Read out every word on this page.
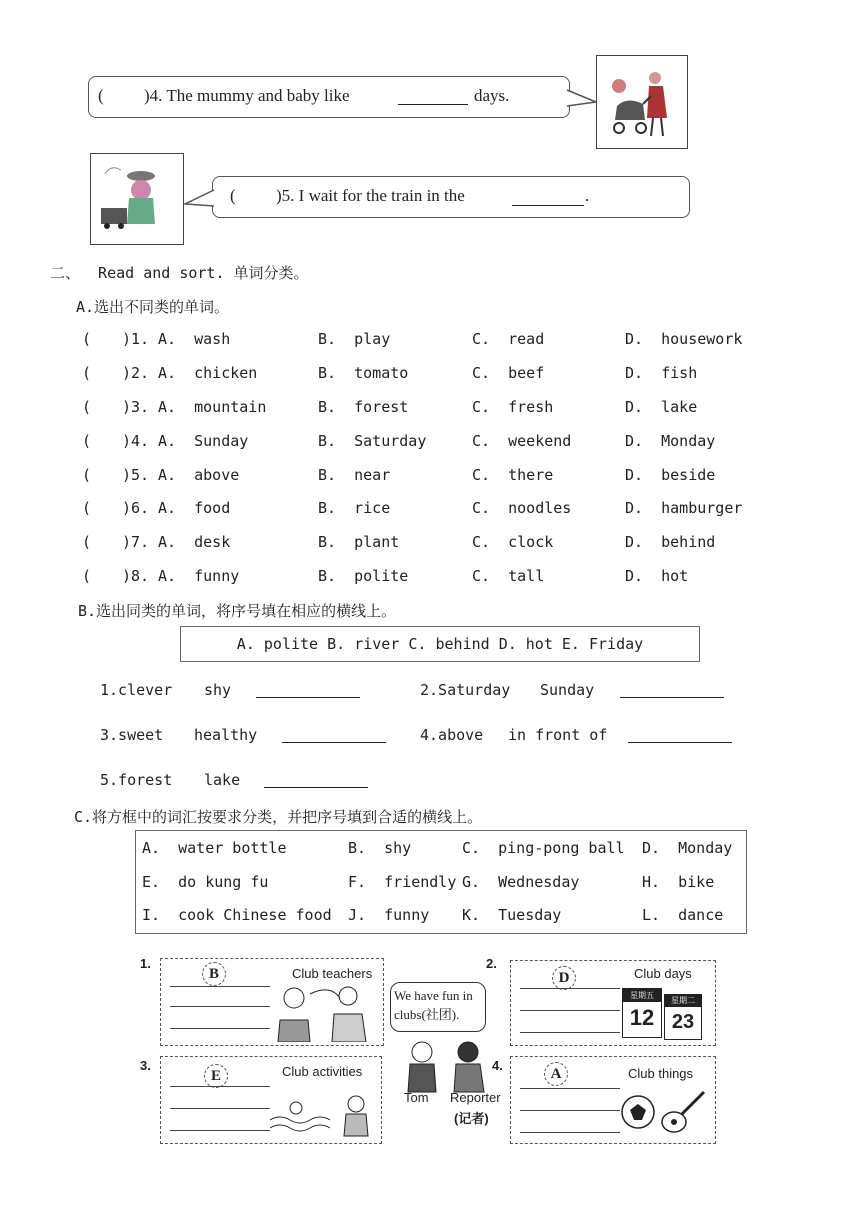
( )4. The mummy and baby like	days.
( )5. I wait for the train in the	.
二、  Read and sort. 单词分类。
A.选出不同类的单词。
( )1. A.  wash	B.  play	C.  read	D.  housework
( )2. A.  chicken	B.  tomato	C.  beef	D.  fish
( )3. A.  mountain	B.  forest	C.  fresh	D.  lake
( )4. A.  Sunday	B.  Saturday	C.  weekend	D.  Monday
( )5. A.  above	B.  near	C.  there	D.  beside
( )6. A.  food	B.  rice	C.  noodles	D.  hamburger
( )7. A.  desk	B.  plant	C.  clock	D.  behind
( )8. A.  funny	B.  polite	C.  tall	D.  hot
B.选出同类的单词，将序号填在相应的横线上。
A. polite B. river C. behind D. hot E. Friday
1.clever shy	2.Saturday Sunday
3.sweet healthy	4.above in front of
5.forest lake
C.将方框中的词汇按要求分类，并把序号填到合适的横线上。
A.  water bottle	B.  shy	C.  ping-pong ball D.  Monday
E.  do kung fu	F.  friendly G.  Wednesday	H.  bike
I.  cook Chinese food J.  funny K.  Tuesday	L.  dance
1.
B	Club teachers
We have fun in clubs(社团).
Tom Reporter
(记者)
2.
D	Club days
星期五
12
星期二
23
3.
E	Club activities	4.
A	Club things
